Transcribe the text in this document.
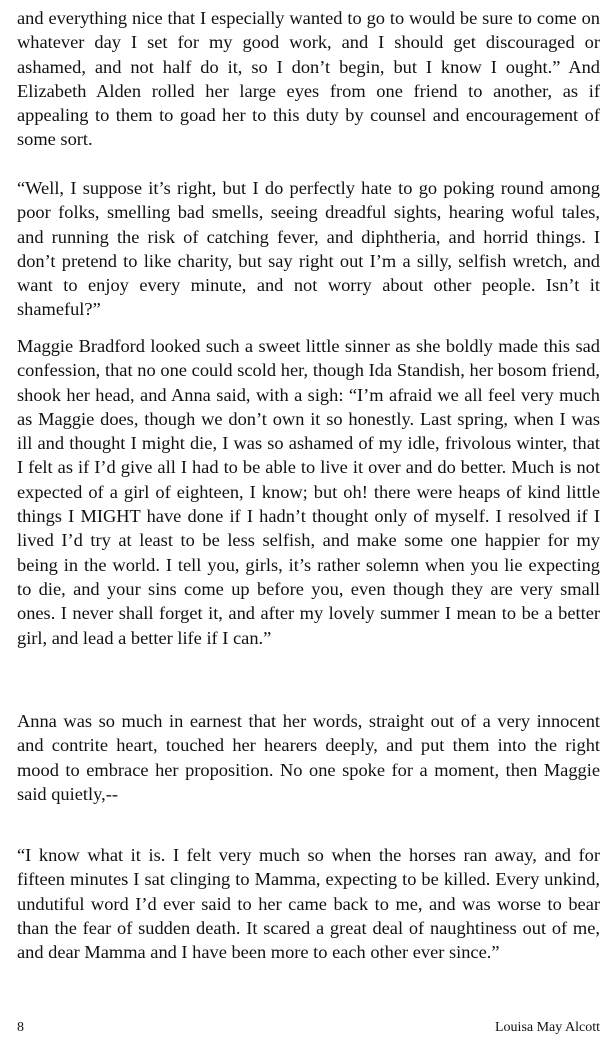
and everything nice that I especially wanted to go to would be sure to come on whatever day I set for my good work, and I should get discouraged or ashamed, and not half do it, so I don’t begin, but I know I ought.” And Elizabeth Alden rolled her large eyes from one friend to another, as if appealing to them to goad her to this duty by counsel and encouragement of some sort.

“Well, I suppose it’s right, but I do perfectly hate to go poking round among poor folks, smelling bad smells, seeing dreadful sights, hearing woful tales, and running the risk of catching fever, and diphtheria, and horrid things. I don’t pretend to like charity, but say right out I’m a silly, selfish wretch, and want to enjoy every minute, and not worry about other people. Isn’t it shameful?”

Maggie Bradford looked such a sweet little sinner as she boldly made this sad confession, that no one could scold her, though Ida Standish, her bosom friend, shook her head, and Anna said, with a sigh: “I’m afraid we all feel very much as Maggie does, though we don’t own it so honestly. Last spring, when I was ill and thought I might die, I was so ashamed of my idle, frivolous winter, that I felt as if I’d give all I had to be able to live it over and do better. Much is not expected of a girl of eighteen, I know; but oh! there were heaps of kind little things I MIGHT have done if I hadn’t thought only of myself. I resolved if I lived I’d try at least to be less selfish, and make some one happier for my being in the world. I tell you, girls, it’s rather solemn when you lie expecting to die, and your sins come up before you, even though they are very small ones. I never shall forget it, and after my lovely summer I mean to be a better girl, and lead a better life if I can.”

Anna was so much in earnest that her words, straight out of a very innocent and contrite heart, touched her hearers deeply, and put them into the right mood to embrace her proposition. No one spoke for a moment, then Maggie said quietly,--

“I know what it is. I felt very much so when the horses ran away, and for fifteen minutes I sat clinging to Mamma, expecting to be killed. Every unkind, undutiful word I’d ever said to her came back to me, and was worse to bear than the fear of sudden death. It scared a great deal of naughtiness out of me, and dear Mamma and I have been more to each other ever since.”

8	Louisa May Alcott
